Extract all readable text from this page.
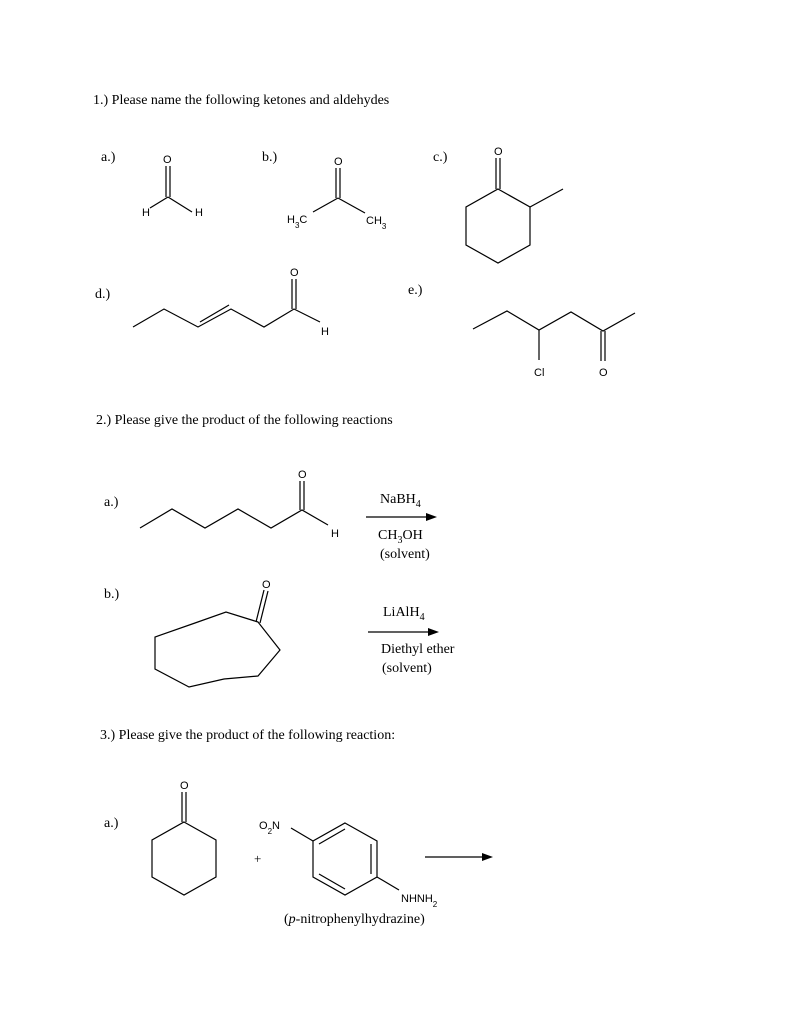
1.) Please name the following ketones and aldehydes
a.)	b.)	c.)
d.)	e.)
2.) Please give the product of the following reactions
a.)
b.)
NaBH$_4$
$CH_3OH$
(solvent)
LiAlH$_4$
Diethyl ether
(solvent)
3.) Please give the product of the following reaction:
a.)
+
(p-nitrophenylhydrazine)
O
H	H
O
$H_3C$	$CH_3$
O
O
H
Cl	O
O
H
O
O
$O_2N$
$NHNH_2$
